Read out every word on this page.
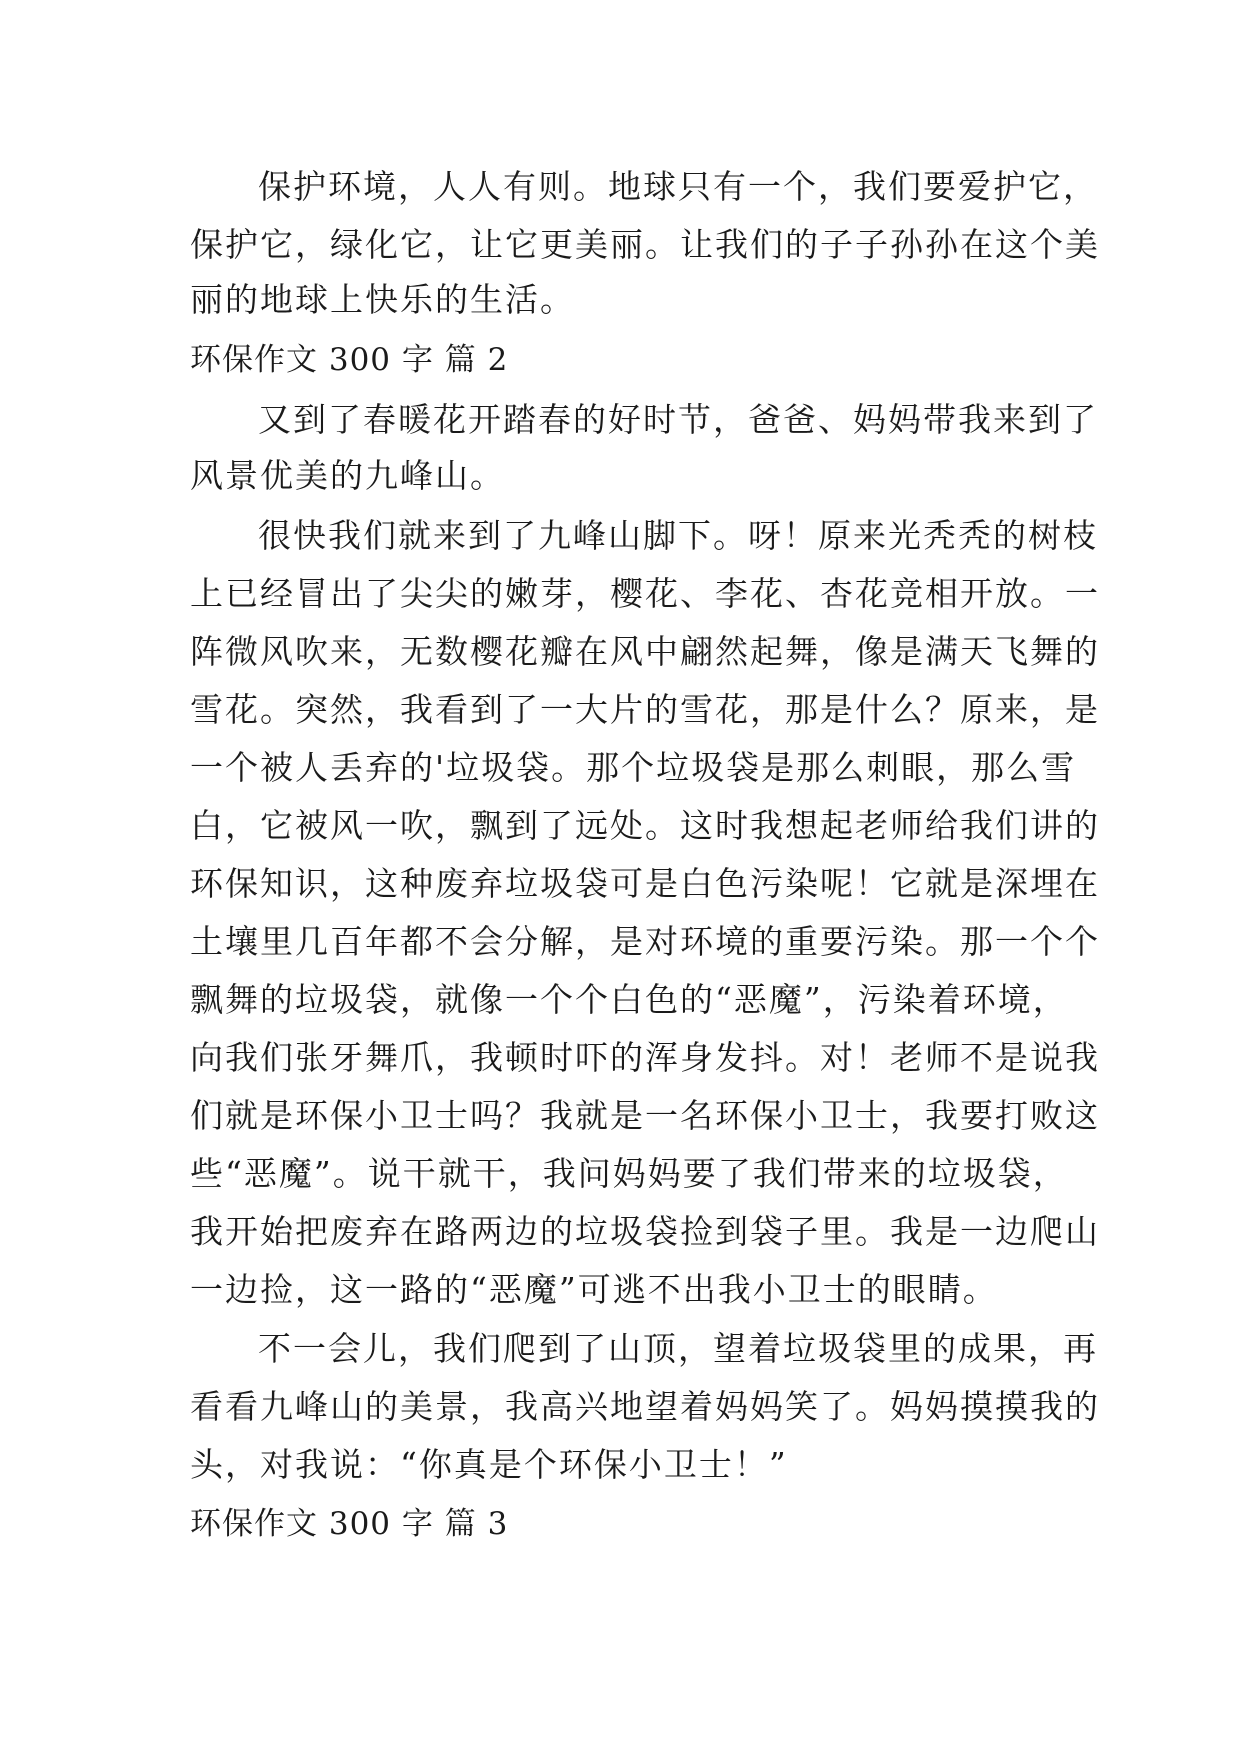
保护环境，人人有则。地球只有一个，我们要爱护它，
保护它，绿化它，让它更美丽。让我们的子子孙孙在这个美
丽的地球上快乐的生活。
环保作文 300 字 篇 2
又到了春暖花开踏春的好时节，爸爸、妈妈带我来到了
风景优美的九峰山。
很快我们就来到了九峰山脚下。呀！原来光秃秃的树枝
上已经冒出了尖尖的嫩芽，樱花、李花、杏花竞相开放。一
阵微风吹来，无数樱花瓣在风中翩然起舞，像是满天飞舞的
雪花。突然，我看到了一大片的雪花，那是什么？原来，是
一个被人丢弃的'垃圾袋。那个垃圾袋是那么刺眼，那么雪
白，它被风一吹，飘到了远处。这时我想起老师给我们讲的
环保知识，这种废弃垃圾袋可是白色污染呢！它就是深埋在
土壤里几百年都不会分解，是对环境的重要污染。那一个个
飘舞的垃圾袋，就像一个个白色的“恶魔”，污染着环境，
向我们张牙舞爪，我顿时吓的浑身发抖。对！老师不是说我
们就是环保小卫士吗？我就是一名环保小卫士，我要打败这
些“恶魔”。说干就干，我问妈妈要了我们带来的垃圾袋，
我开始把废弃在路两边的垃圾袋捡到袋子里。我是一边爬山
一边捡，这一路的“恶魔”可逃不出我小卫士的眼睛。
不一会儿，我们爬到了山顶，望着垃圾袋里的成果，再
看看九峰山的美景，我高兴地望着妈妈笑了。妈妈摸摸我的
头，对我说：“你真是个环保小卫士！”
环保作文 300 字 篇 3
